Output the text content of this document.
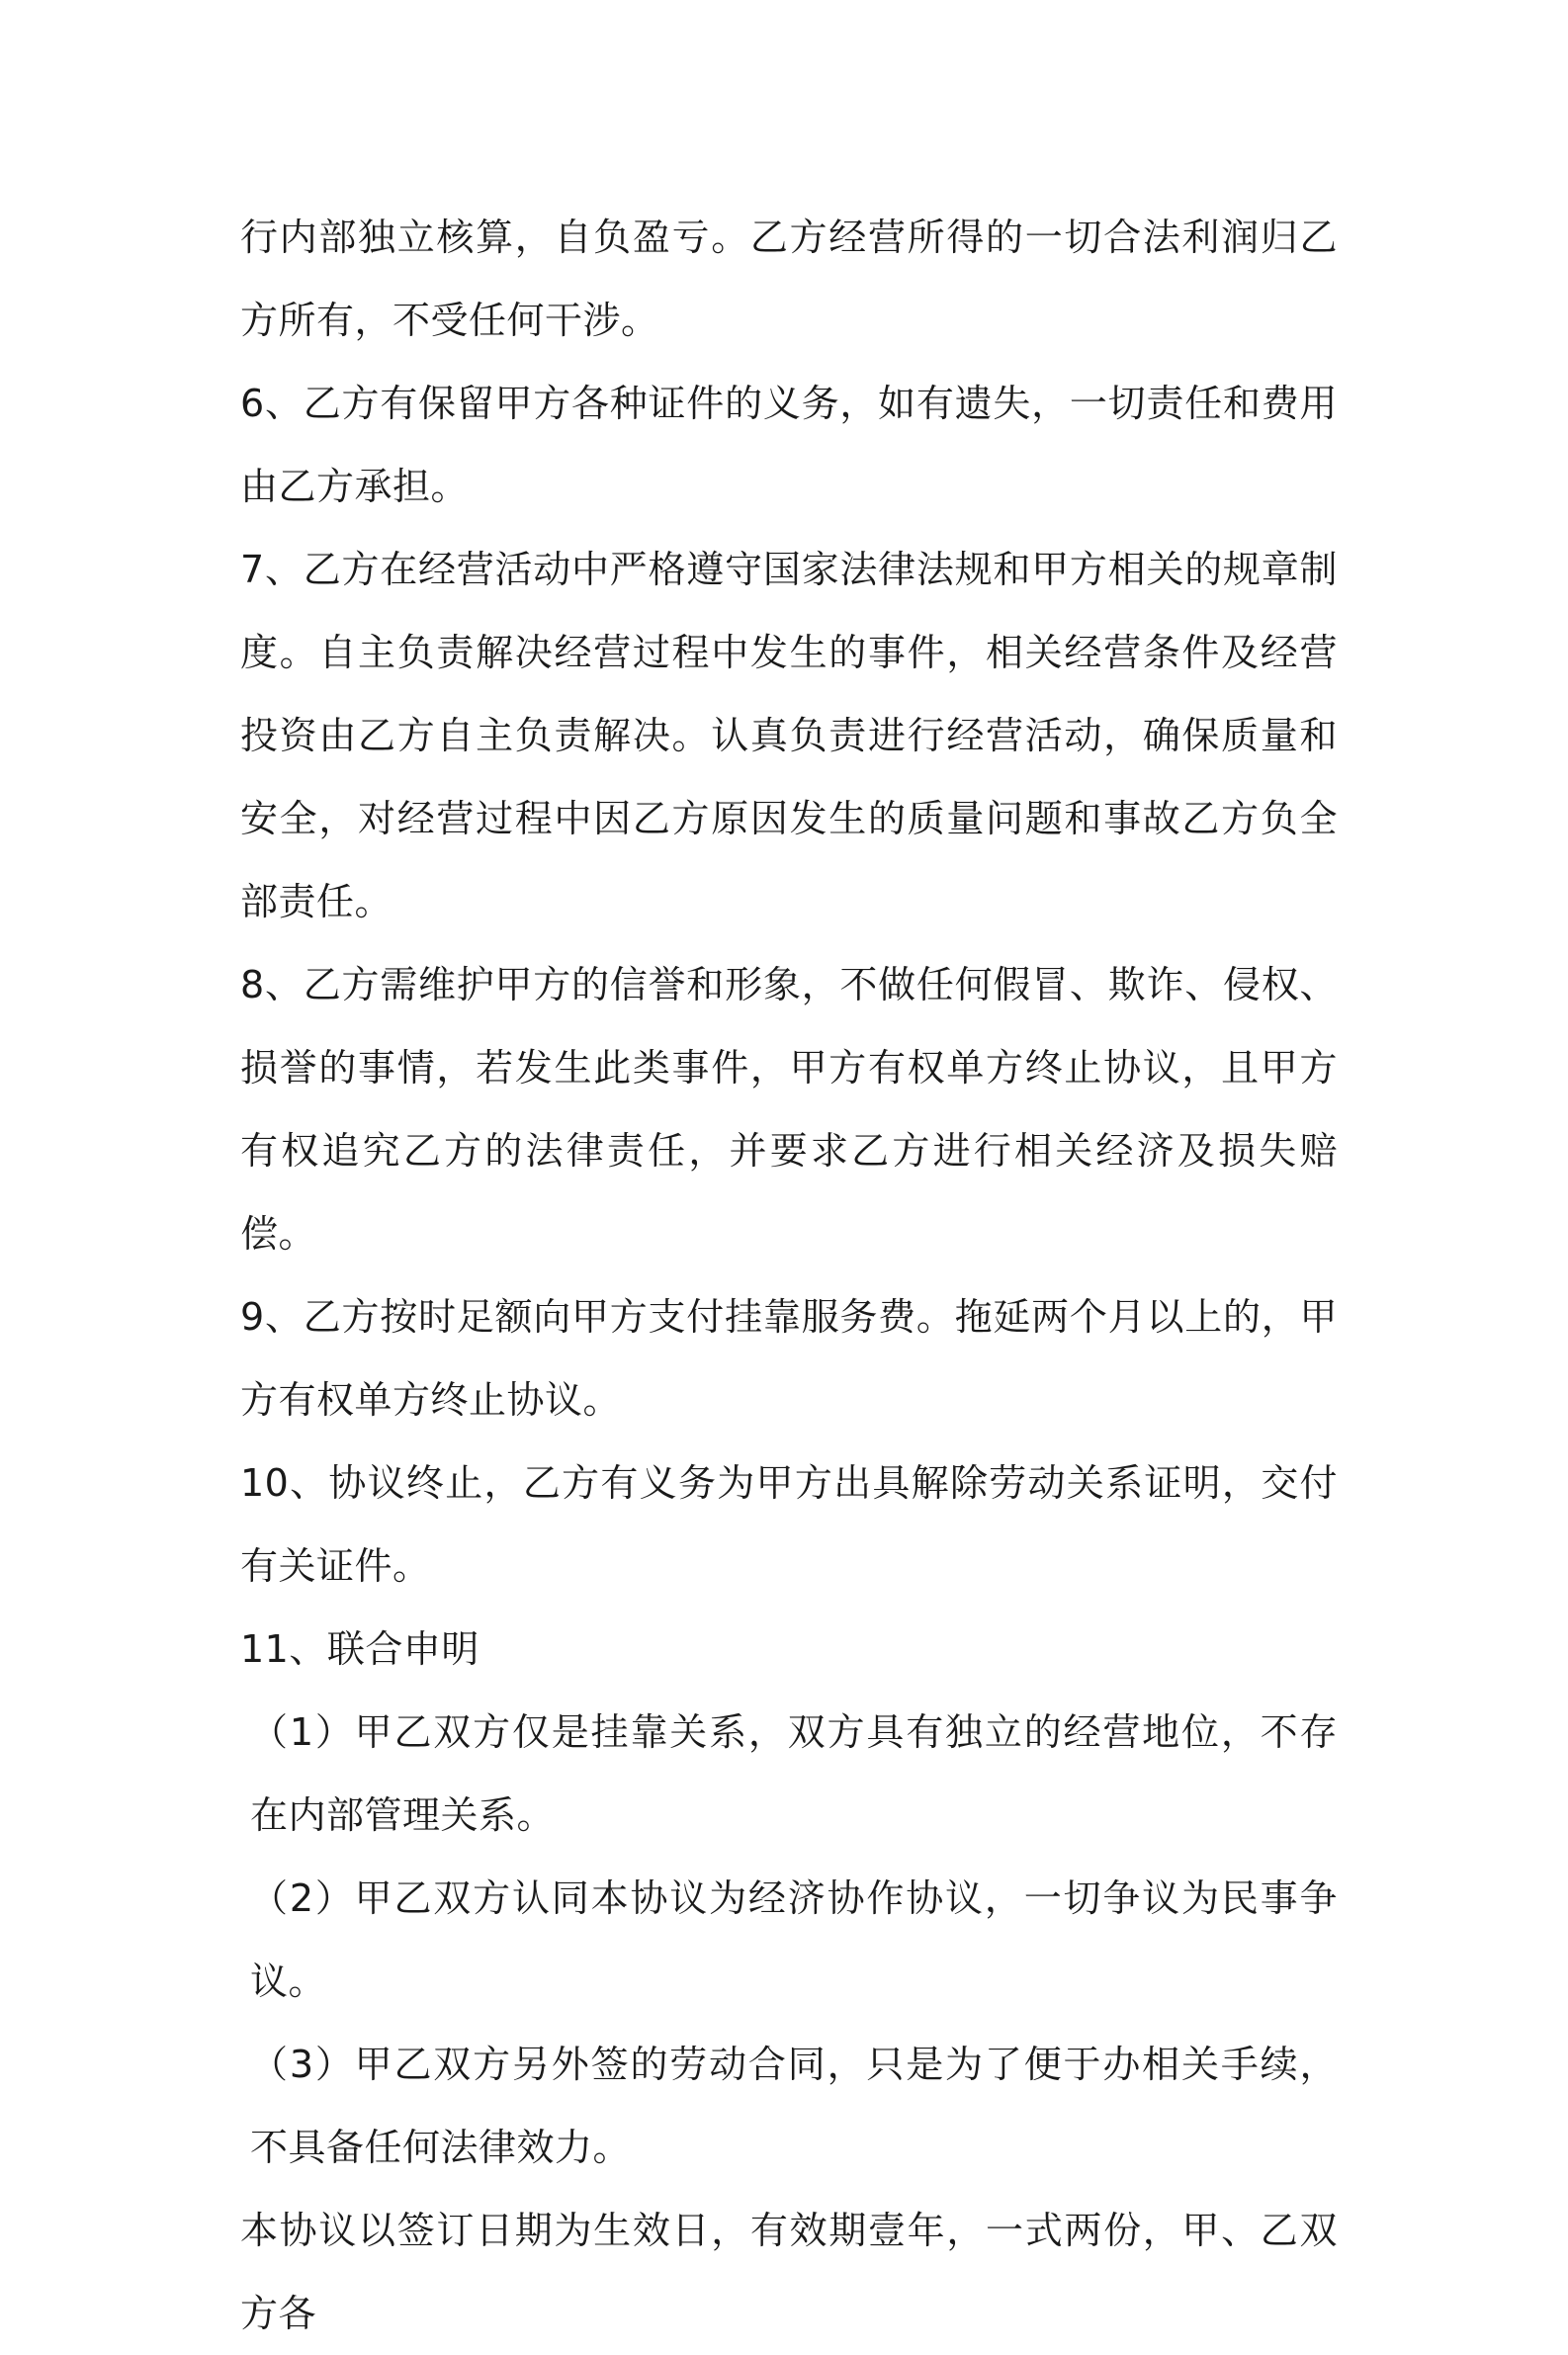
行内部独立核算，自负盈亏。乙方经营所得的一切合法利润归乙方所有，不受任何干涉。

6、乙方有保留甲方各种证件的义务，如有遗失，一切责任和费用由乙方承担。

7、乙方在经营活动中严格遵守国家法律法规和甲方相关的规章制度。自主负责解决经营过程中发生的事件，相关经营条件及经营投资由乙方自主负责解决。认真负责进行经营活动，确保质量和安全，对经营过程中因乙方原因发生的质量问题和事故乙方负全部责任。

8、乙方需维护甲方的信誉和形象，不做任何假冒、欺诈、侵权、损誉的事情，若发生此类事件，甲方有权单方终止协议，且甲方有权追究乙方的法律责任，并要求乙方进行相关经济及损失赔偿。

9、乙方按时足额向甲方支付挂靠服务费。拖延两个月以上的，甲方有权单方终止协议。

10、协议终止，乙方有义务为甲方出具解除劳动关系证明，交付有关证件。

11、联合申明

（1）甲乙双方仅是挂靠关系，双方具有独立的经营地位，不存在内部管理关系。

（2）甲乙双方认同本协议为经济协作协议，一切争议为民事争议。

（3）甲乙双方另外签的劳动合同，只是为了便于办相关手续，不具备任何法律效力。

本协议以签订日期为生效日，有效期壹年，一式两份，甲、乙双方各
